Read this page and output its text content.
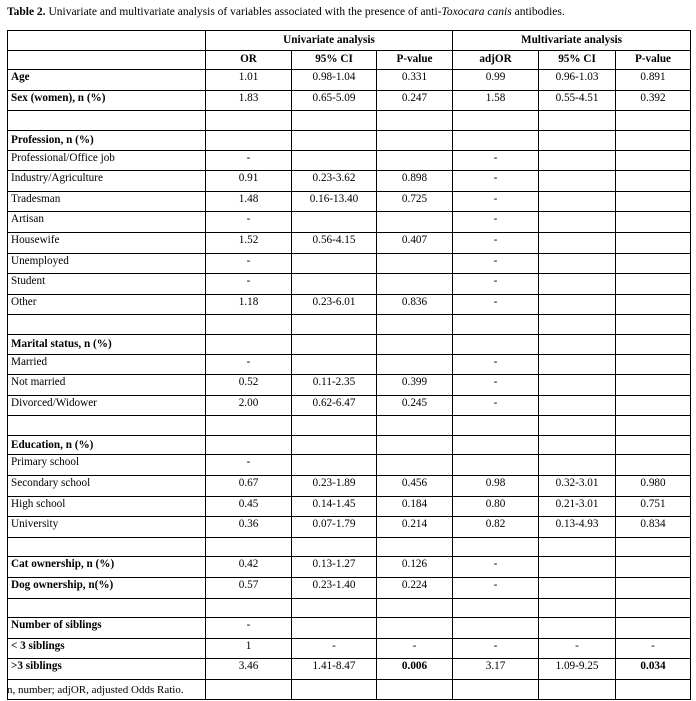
Table 2. Univariate and multivariate analysis of variables associated with the presence of anti-Toxocara canis antibodies.
	Univariate analysis			Multivariate analysis		
	OR	95% CI	P-value	adjOR	95% CI	P-value
Age	1.01	0.98-1.04	0.331	0.99	0.96-1.03	0.891
Sex (women), n (%)	1.83	0.65-5.09	0.247	1.58	0.55-4.51	0.392

Profession, n (%)						
Professional/Office job	-			-		
Industry/Agriculture	0.91	0.23-3.62	0.898	-		
Tradesman	1.48	0.16-13.40	0.725	-		
Artisan	-			-		
Housewife	1.52	0.56-4.15	0.407	-		
Unemployed	-			-		
Student	-			-		
Other	1.18	0.23-6.01	0.836	-		

Marital status, n (%)						
Married	-			-		
Not married	0.52	0.11-2.35	0.399	-		
Divorced/Widower	2.00	0.62-6.47	0.245	-		

Education, n (%)						
Primary school	-					
Secondary school	0.67	0.23-1.89	0.456	0.98	0.32-3.01	0.980
High school	0.45	0.14-1.45	0.184	0.80	0.21-3.01	0.751
University	0.36	0.07-1.79	0.214	0.82	0.13-4.93	0.834

Cat ownership, n (%)	0.42	0.13-1.27	0.126	-		
Dog ownership, n(%)	0.57	0.23-1.40	0.224	-		

Number of siblings	-					
< 3 siblings	1	-	-	-	-	-
>3 siblings	3.46	1.41-8.47	0.006	3.17	1.09-9.25	0.034

n, number; adjOR, adjusted Odds Ratio.
